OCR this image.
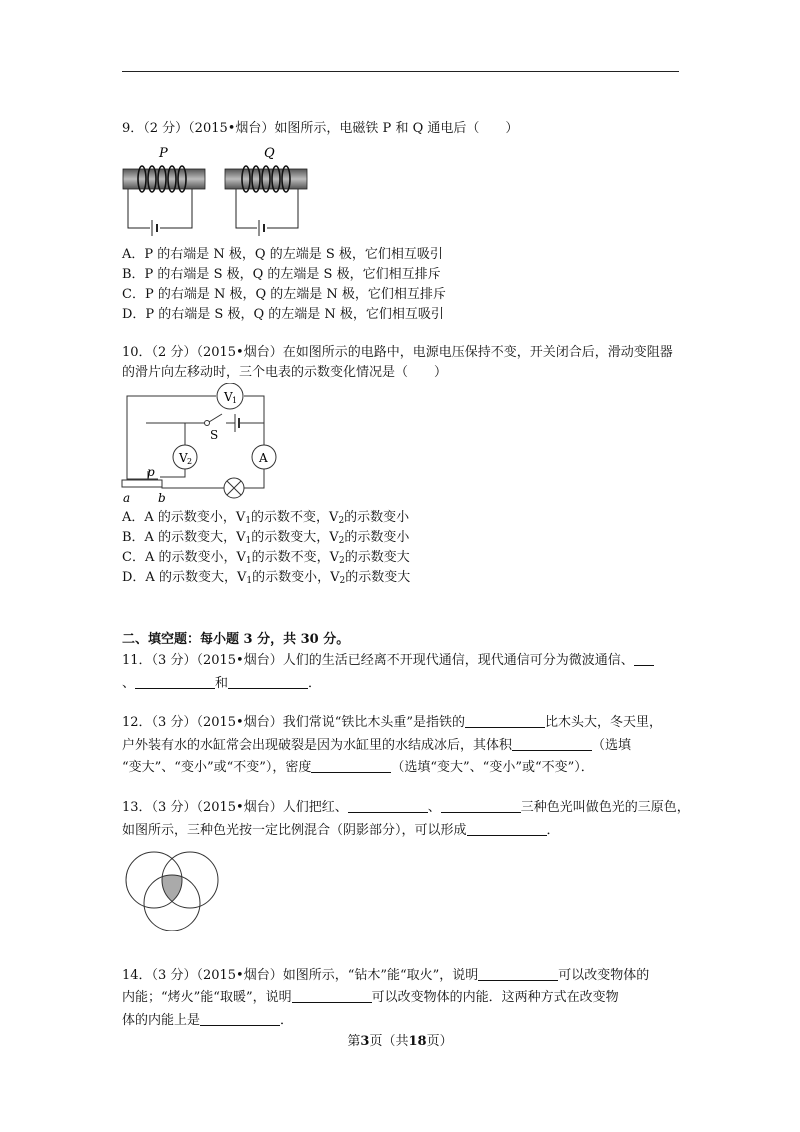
9．（2 分）（2015•烟台）如图所示，电磁铁 P 和 Q 通电后（　　）
P	Q
A．P 的右端是 N 极，Q 的左端是 S 极，它们相互吸引
B．P 的右端是 S 极，Q 的左端是 S 极，它们相互排斥
C．P 的右端是 N 极，Q 的左端是 N 极，它们相互排斥
D．P 的右端是 S 极，Q 的左端是 N 极，它们相互吸引
10．（2 分）（2015•烟台）在如图所示的电路中，电源电压保持不变，开关闭合后，滑动变阻器
的滑片向左移动时，三个电表的示数变化情况是（　　）
V 1
V 2	A
S
p
a b
A．A 的示数变小，$V_1$的示数不变，$V_2$的示数变小
B．A 的示数变大，$V_1$的示数变大，$V_2$的示数变小
C．A 的示数变小，$V_1$的示数不变，$V_2$的示数变大
D．A 的示数变大，$V_1$的示数变小，$V_2$的示数变大
二、填空题：每小题 3 分，共 30 分。
11．（3 分）（2015•烟台）人们的生活已经离不开现代通信，现代通信可分为微波通信、
、	和	．
12．（3 分）（2015•烟台）我们常说“铁比木头重”是指铁的	比木头大，冬天里，
户外装有水的水缸常会出现破裂是因为水缸里的水结成冰后，其体积	（选填
“变大”、“变小”或“不变”），密度	（选填“变大”、“变小”或“不变”）．
13．（3 分）（2015•烟台）人们把红、	、	三种色光叫做色光的三原色，
如图所示，三种色光按一定比例混合（阴影部分），可以形成	．
14．（3 分）（2015•烟台）如图所示，“钻木”能“取火”，说明	可以改变物体的
内能；“烤火”能“取暖”，说明	可以改变物体的内能．这两种方式在改变物
体的内能上是	．
第3页（共18页）
